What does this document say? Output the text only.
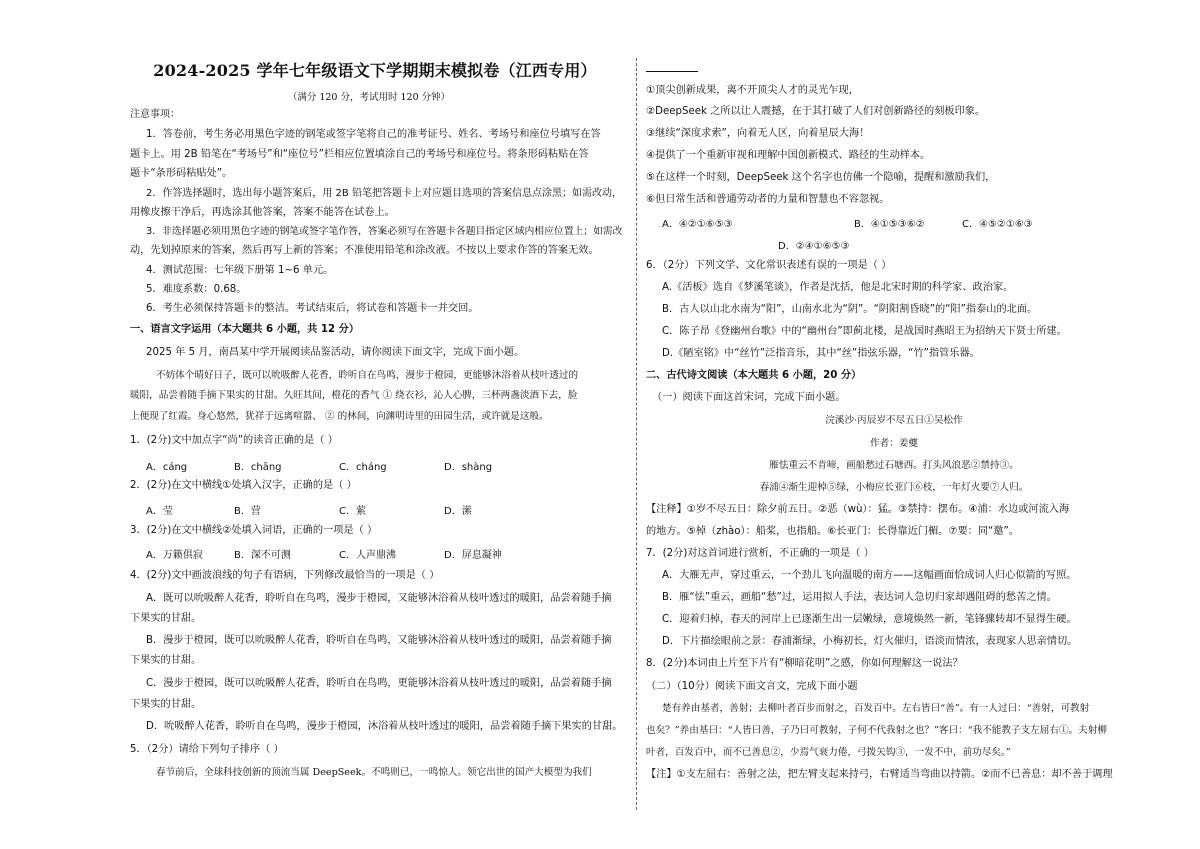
2024-2025 学年七年级语文下学期期末模拟卷（江西专用）
（满分 120 分，考试用时 120 分钟）
注意事项：
1．答卷前，考生务必用黑色字迹的钢笔或签字笔将自己的准考证号、姓名、考场号和座位号填写在答
题卡上。用 2B 铅笔在“考场号”和“座位号”栏相应位置填涂自己的考场号和座位号。将条形码粘贴在答
题卡“条形码粘贴处”。
2．作答选择题时，选出每小题答案后，用 2B 铅笔把答题卡上对应题目选项的答案信息点涂黑；如需改动，
用橡皮擦干净后，再选涂其他答案，答案不能答在试卷上。
3．非选择题必须用黑色字迹的钢笔或签字笔作答，答案必须写在答题卡各题目指定区域内相应位置上；如需改
动，先划掉原来的答案，然后再写上新的答案；不准使用铅笔和涂改液。不按以上要求作答的答案无效。
4．测试范围：七年级下册第 1~6 单元。
5．难度系数：0.68。
6．考生必须保持答题卡的整洁。考试结束后，将试卷和答题卡一并交回。
一、语言文字运用（本大题共 6 小题，共 12 分）
2025 年 5 月，南昌某中学开展阅读品鉴活动，请你阅读下面文字，完成下面小题。
不妨体个晴好日子，既可以吮吸醉人花香，聆听自在鸟鸣，漫步于橙园，更能够沐浴着从枝叶透过的
暖阳，品尝着随手摘下果实的甘甜。久旺其间，橙花的香气 ① 绕衣衫，沁人心脾，三杯两盏淡酒下去，脸
上便现了红霞。身心悠然，犹祥于远离喧嚣、 ② 的林间，向渊明诗里的田园生活，或许就是这般。
1．(2分)文中加点字“尚”的读音正确的是（ ）
A．cáng	B．chāng	C．cháng	D．shàng
2．(2分)在文中横线①处填入汉字，正确的是（ ）
A．莹	B．营	C．萦	D．潆
3．(2分)在文中横线②处填入词语，正确的一项是（ ）
A．万籁俱寂	B．深不可测	C．人声鼎沸	D．屏息凝神
4．(2分)文中画波浪线的句子有语病，下列修改最恰当的一项是（ ）
A．既可以吮吸醉人花香，聆听自在鸟鸣，漫步于橙园，又能够沐浴着从枝叶透过的暖阳，品尝着随手摘
下果实的甘甜。
B．漫步于橙园，既可以吮吸醉人花香，聆听自在鸟鸣，又能够沐浴着从枝叶透过的暖阳，品尝着随手摘
下果实的甘甜。
C．漫步于橙园，既可以吮吸醉人花香，聆听自在鸟鸣，更能够沐浴着从枝叶透过的暖阳，品尝着随手摘
下果实的甘甜。
D．吮吸醉人花香，聆听自在鸟鸣，漫步于橙园，沐浴着从枝叶透过的暖阳，品尝着随手摘下果实的甘甜。
5．（2分）请给下列句子排序（ ）
春节前后，全球科技创新的顶流当属 DeepSeek。不鸣则已，一鸣惊人。领它出世的国产大模型为我们
①顶尖创新成果，离不开顶尖人才的灵光乍现，
②DeepSeek 之所以让人震撼，在于其打破了人们对创新路径的刻板印象。
③继续“深度求索”，向着无人区，向着星辰大海！
④提供了一个重新审视和理解中国创新模式、路径的生动样本。
⑤在这样一个时刻，DeepSeek 这个名字也仿佛一个隐喻，提醒和激励我们，
⑥但日常生活和普通劳动者的力量和智慧也不容忽视。
A．④②①⑥⑤③	B．④①⑤③⑥②	C．④⑤②①⑥③
D．②④①⑥⑤③
6．（2分）下列文学、文化常识表述有误的一项是（ ）
A.《活板》选自《梦溪笔谈》，作者是沈括，他是北宋时期的科学家、政治家。
B．古人以山北水南为“阳”，山南水北为“阴”。“阴阳割昏晓”的“阳”指泰山的北面。
C．陈子昂《登幽州台歌》中的“幽州台”即蓟北楼，是战国时燕昭王为招纳天下贤士所建。
D.《陋室铭》中“丝竹”泛指音乐，其中“丝”指弦乐器，“竹”指管乐器。
二、古代诗文阅读（本大题共 6 小题，20 分）
（一）阅读下面这首宋词，完成下面小题。
浣溪沙·丙辰岁不尽五日①吴松作
作者：姜夔
雁怯重云不肯啼，画船愁过石塘西。打头风浪恶②禁持③。
春浦④渐生迎棹⑤绿，小梅应长亚门⑥枝，一年灯火要⑦人归。
【注释】①岁不尽五日：除夕前五日。②恶（wù）：猛。③禁持：摆布。④浦：水边或河流入海
的地方。⑤棹（zhào）：船桨，也指船。⑥长亚门：长得靠近门楣。⑦要：同“邀”。
7．(2分)对这首词进行赏析，不正确的一项是（ ）
A．大雁无声，穿过重云，一个劲儿飞向温暖的南方——这幅画面恰成词人归心似箭的写照。
B．雁“怯”重云，画船“愁”过，运用拟人手法，表达词人急切归家却遇阻碍的愁苦之情。
C．迎着归棹，春天的河岸上已逐渐生出一层嫩绿，意境焕然一新，笔锋骤转却不显得生硬。
D．下片描绘眼前之景：春浦渐绿，小梅初长，灯火催归，语淡而情浓，表现家人思亲情切。
8．(2分)本词由上片至下片有“柳暗花明”之感，你如何理解这一说法？
（二）（10分）阅读下面文言文，完成下面小题
楚有养由基者，善射；去柳叶者百步而射之，百发百中。左右皆曰“善”。有一人过曰：“善射，可教射
也矣？”养由基曰：“人皆曰善，子乃曰可教射，子何不代我射之也？”客曰：“我不能教子支左屈右①。夫射柳
叶者，百发百中，而不已善息②，少焉气衰力倦，弓拨矢钩③，一发不中，前功尽矣。”
【注】①支左屈右：善射之法，把左臂支起来持弓，右臂适当弯曲以持箭。②而不已善息：却不善于调理
